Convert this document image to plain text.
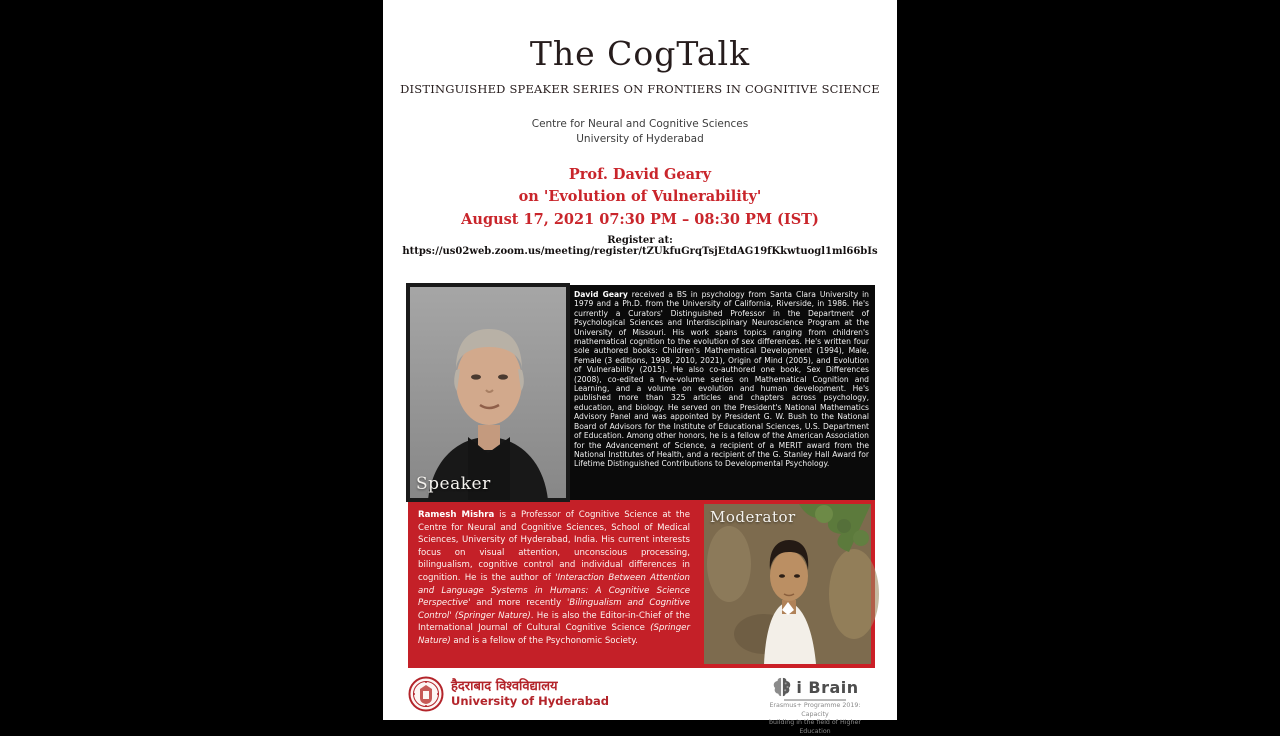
The CogTalk
DISTINGUISHED SPEAKER SERIES ON FRONTIERS IN COGNITIVE SCIENCE
Centre for Neural and Cognitive Sciences
University of Hyderabad
Prof. David Geary
on 'Evolution of Vulnerability'
August 17, 2021 07:30 PM – 08:30 PM (IST)
Register at: https://us02web.zoom.us/meeting/register/tZUkfuGrqTsjEtdAG19fKkwtuogl1ml66bIs
Speaker
David Geary received a BS in psychology from Santa Clara University in 1979 and a Ph.D. from the University of California, Riverside, in 1986. He's currently a Curators' Distinguished Professor in the Department of Psychological Sciences and Interdisciplinary Neuroscience Program at the University of Missouri. His work spans topics ranging from children's mathematical cognition to the evolution of sex differences. He's written four sole authored books: Children's Mathematical Development (1994), Male, Female (3 editions, 1998, 2010, 2021), Origin of Mind (2005), and Evolution of Vulnerability (2015). He also co-authored one book, Sex Differences (2008), co-edited a five-volume series on Mathematical Cognition and Learning, and a volume on evolution and human development. He's published more than 325 articles and chapters across psychology, education, and biology. He served on the President's National Mathematics Advisory Panel and was appointed by President G. W. Bush to the National Board of Advisors for the Institute of Educational Sciences, U.S. Department of Education. Among other honors, he is a fellow of the American Association for the Advancement of Science, a recipient of a MERIT award from the National Institutes of Health, and a recipient of the G. Stanley Hall Award for Lifetime Distinguished Contributions to Developmental Psychology.
Ramesh Mishra is a Professor of Cognitive Science at the Centre for Neural and Cognitive Sciences, School of Medical Sciences, University of Hyderabad, India. His current interests focus on visual attention, unconscious processing, bilingualism, cognitive control and individual differences in cognition. He is the author of 'Interaction Between Attention and Language Systems in Humans: A Cognitive Science Perspective' and more recently 'Bilingualism and Cognitive Control' (Springer Nature). He is also the Editor-in-Chief of the International Journal of Cultural Cognitive Science (Springer Nature) and is a fellow of the Psychonomic Society.
Moderator
हैदराबाद विश्वविद्यालय
University of Hyderabad
i Brain
Erasmus+ Programme 2019: Capacity
building in the field of Higher Education
